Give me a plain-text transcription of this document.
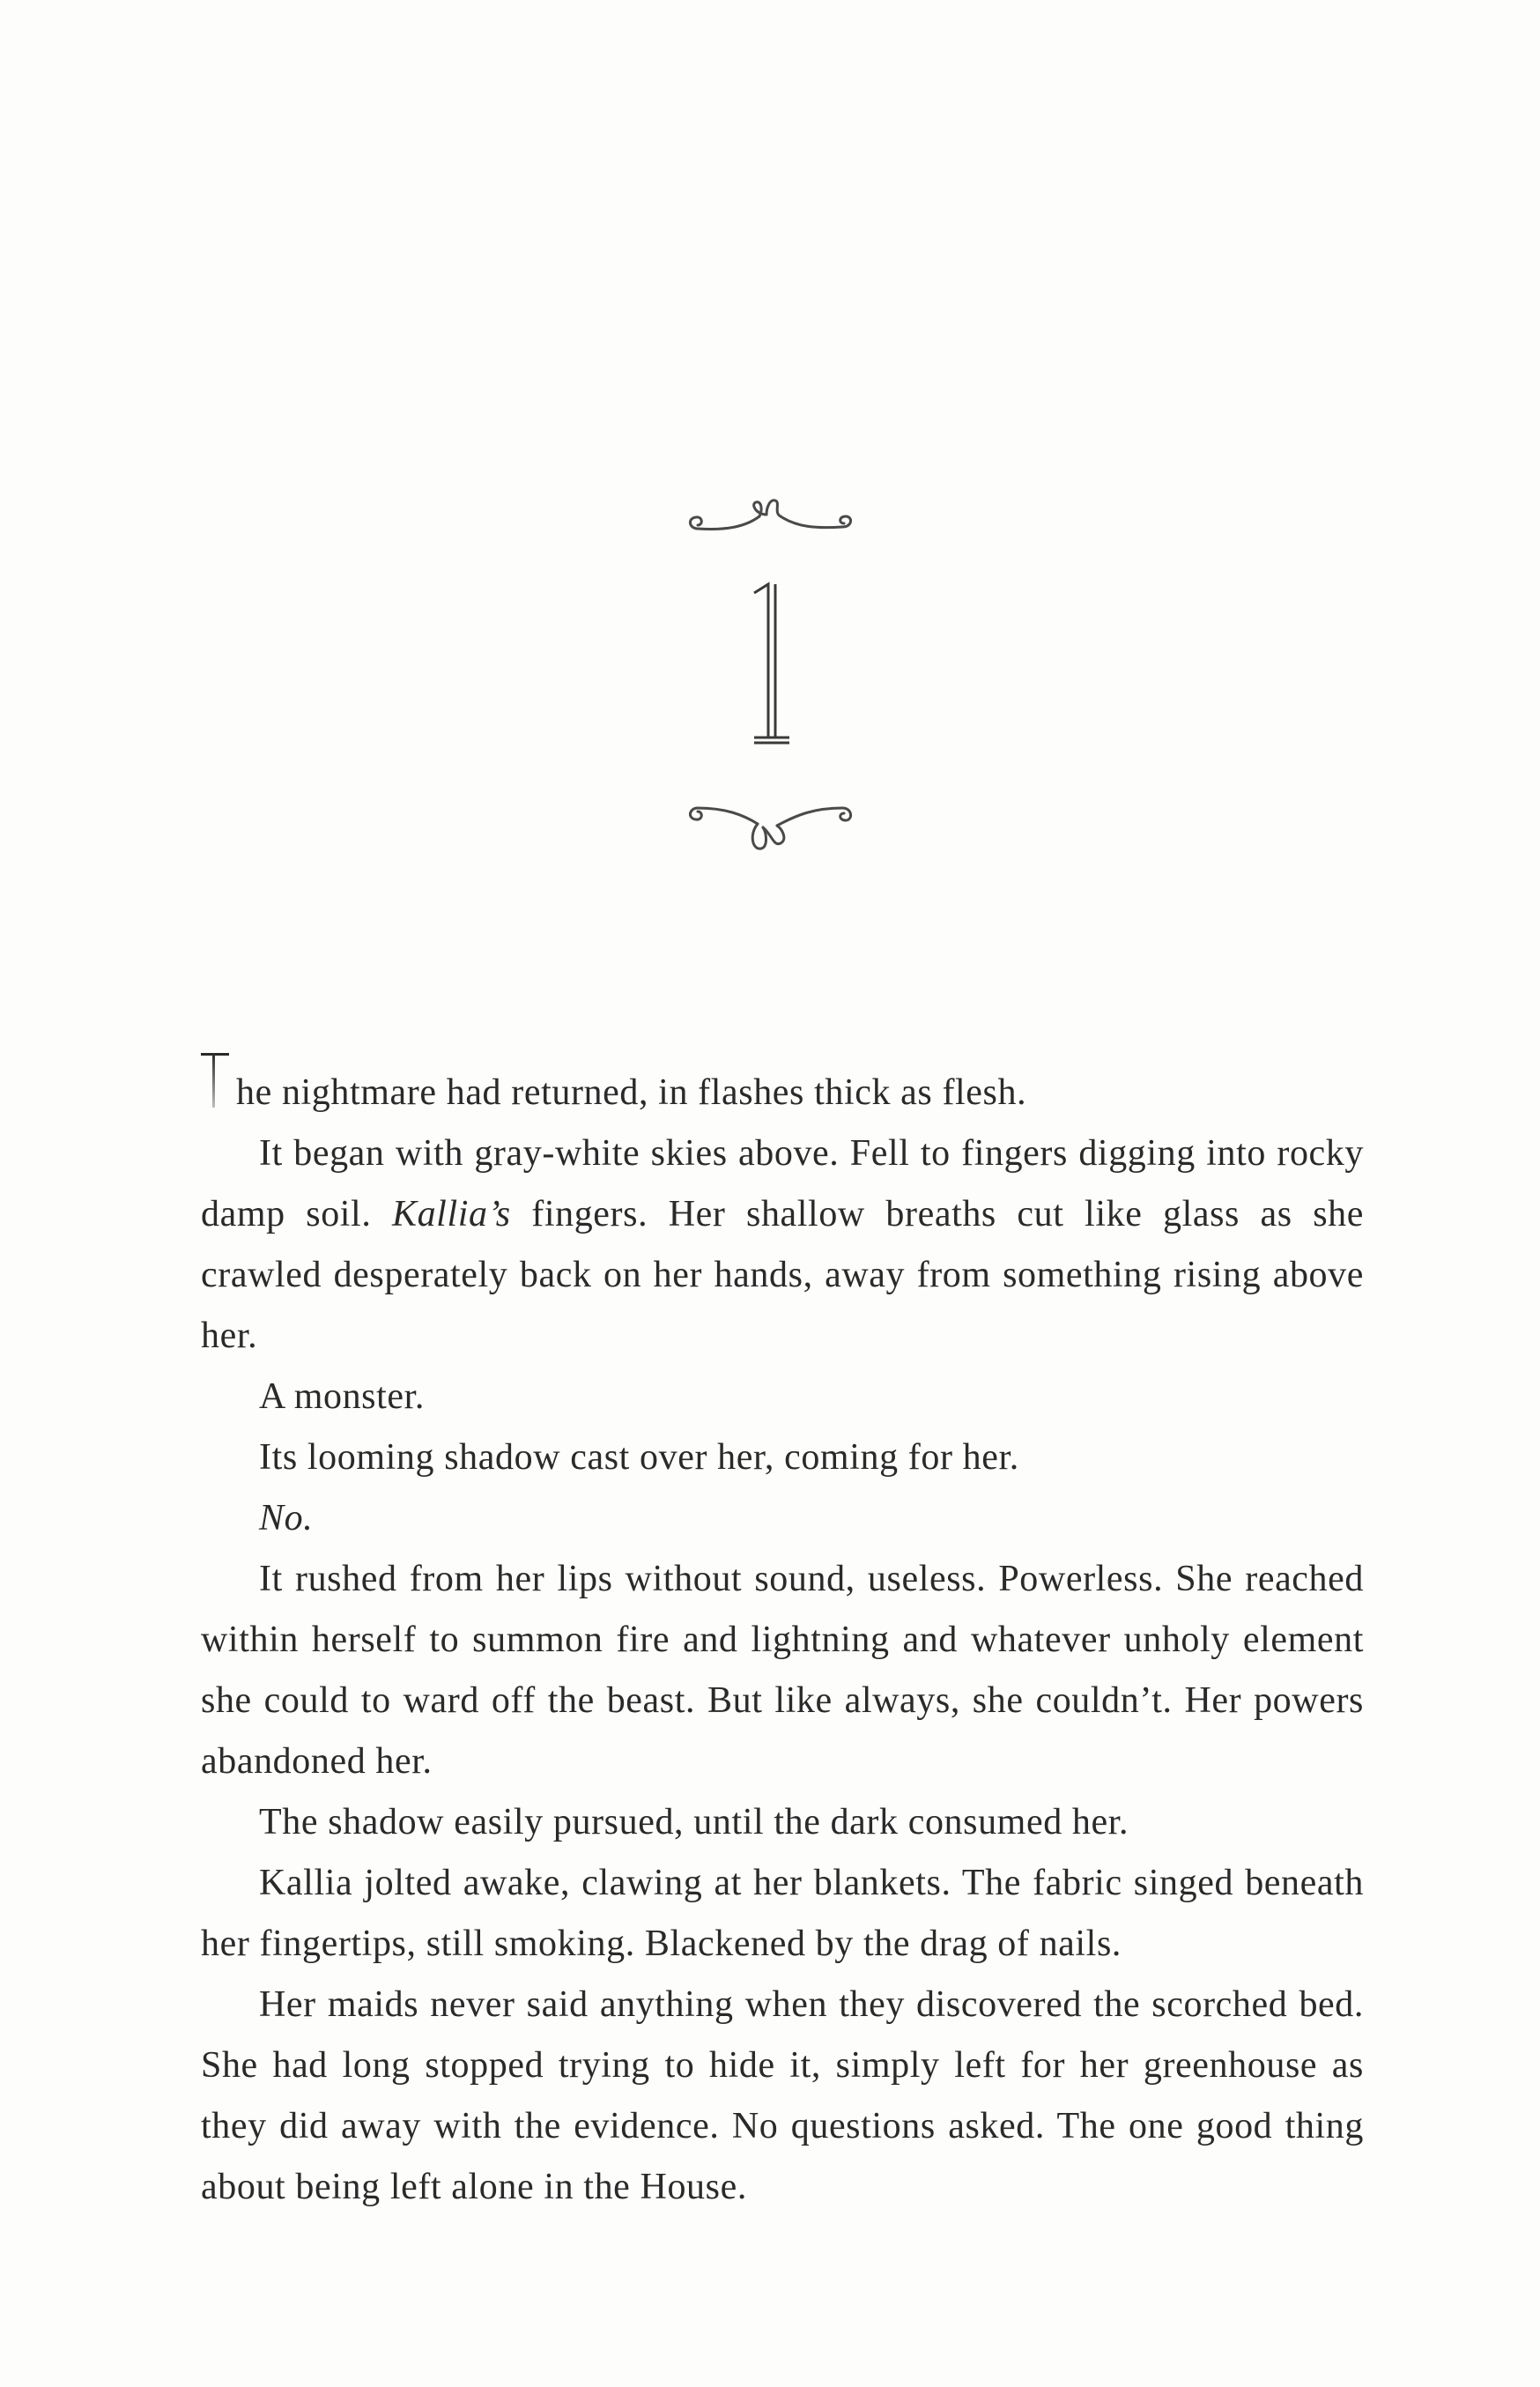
1

he nightmare had returned, in flashes thick as flesh.

It began with gray-white skies above. Fell to fingers digging into rocky damp soil. Kallia’s fingers. Her shallow breaths cut like glass as she crawled desperately back on her hands, away from something rising above her.

A monster.

Its looming shadow cast over her, coming for her.

No.

It rushed from her lips without sound, useless. Powerless. She reached within herself to summon fire and lightning and whatever unholy element she could to ward off the beast. But like always, she couldn’t. Her powers abandoned her.

The shadow easily pursued, until the dark consumed her.

Kallia jolted awake, clawing at her blankets. The fabric singed beneath her fingertips, still smoking. Blackened by the drag of nails.

Her maids never said anything when they discovered the scorched bed. She had long stopped trying to hide it, simply left for her greenhouse as they did away with the evidence. No questions asked. The one good thing about being left alone in the House.
